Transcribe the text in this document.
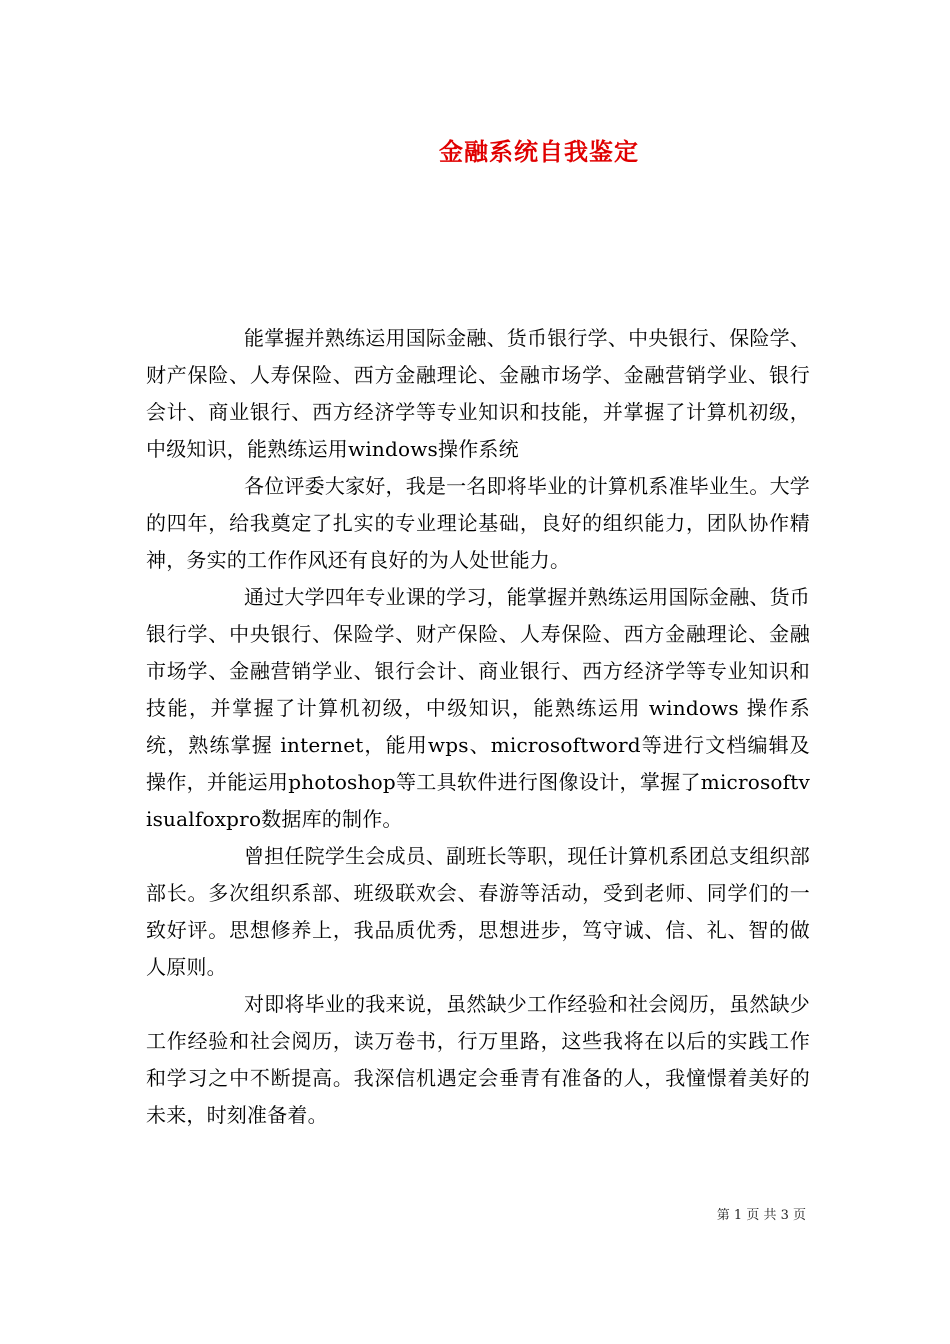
金融系统自我鉴定

能掌握并熟练运用国际金融、货币银行学、中央银行、保险学、财产保险、人寿保险、西方金融理论、金融市场学、金融营销学业、银行会计、商业银行、西方经济学等专业知识和技能，并掌握了计算机初级，中级知识，能熟练运用windows操作系统

各位评委大家好，我是一名即将毕业的计算机系准毕业生。大学的四年，给我奠定了扎实的专业理论基础，良好的组织能力，团队协作精神，务实的工作作风还有良好的为人处世能力。

通过大学四年专业课的学习，能掌握并熟练运用国际金融、货币银行学、中央银行、保险学、财产保险、人寿保险、西方金融理论、金融市场学、金融营销学业、银行会计、商业银行、西方经济学等专业知识和技能，并掌握了计算机初级，中级知识，能熟练运用 windows 操作系统，熟练掌握 internet，能用wps、microsoftword等进行文档编辑及操作，并能运用photoshop等工具软件进行图像设计，掌握了microsoftvisualfoxpro数据库的制作。

曾担任院学生会成员、副班长等职，现任计算机系团总支组织部部长。多次组织系部、班级联欢会、春游等活动，受到老师、同学们的一致好评。思想修养上，我品质优秀，思想进步，笃守诚、信、礼、智的做人原则。

对即将毕业的我来说，虽然缺少工作经验和社会阅历，虽然缺少工作经验和社会阅历，读万卷书，行万里路，这些我将在以后的实践工作和学习之中不断提高。我深信机遇定会垂青有准备的人，我憧憬着美好的未来，时刻准备着。

第 1 页 共 3 页
